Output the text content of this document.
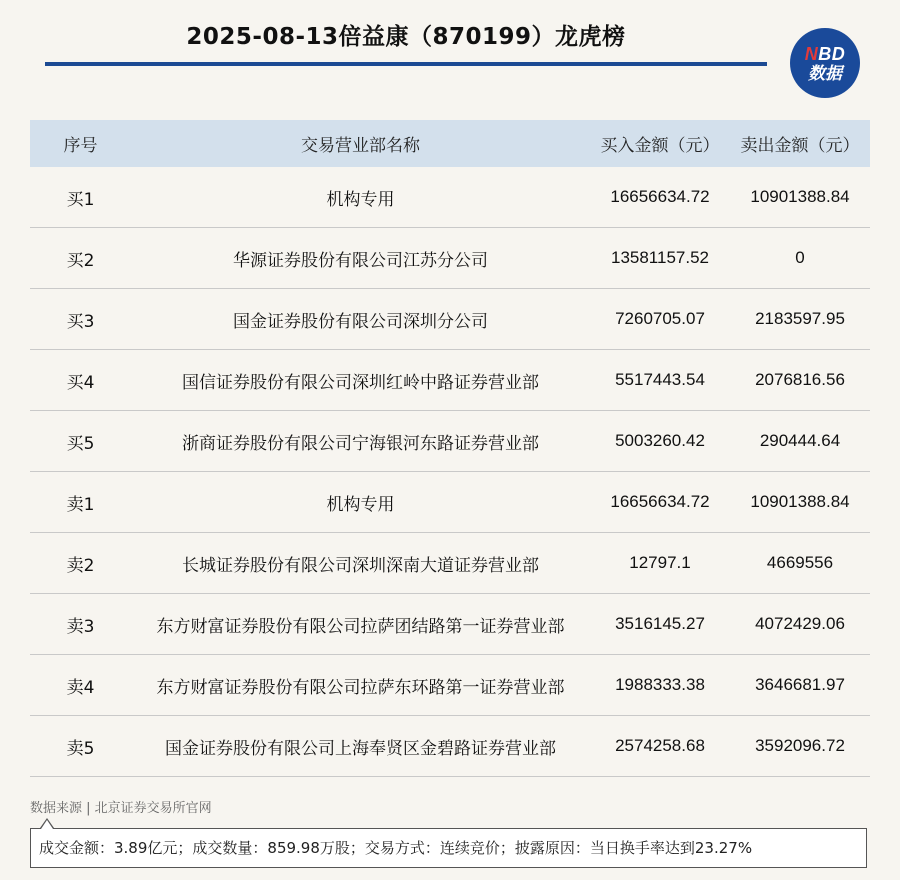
2025-08-13倍益康（870199）龙虎榜
NBD
数据
序号	交易营业部名称	买入金额（元）	卖出金额（元）
买1	机构专用	16656634.72	10901388.84
买2	华源证券股份有限公司江苏分公司	13581157.52	0
买3	国金证券股份有限公司深圳分公司	7260705.07	2183597.95
买4	国信证券股份有限公司深圳红岭中路证券营业部	5517443.54	2076816.56
买5	浙商证券股份有限公司宁海银河东路证券营业部	5003260.42	290444.64
卖1	机构专用	16656634.72	10901388.84
卖2	长城证券股份有限公司深圳深南大道证券营业部	12797.1	4669556
卖3	东方财富证券股份有限公司拉萨团结路第一证券营业部	3516145.27	4072429.06
卖4	东方财富证券股份有限公司拉萨东环路第一证券营业部	1988333.38	3646681.97
卖5	国金证券股份有限公司上海奉贤区金碧路证券营业部	2574258.68	3592096.72
数据来源 | 北京证券交易所官网
成交金额：3.89亿元；成交数量：859.98万股；交易方式：连续竞价；披露原因：当日换手率达到23.27%
